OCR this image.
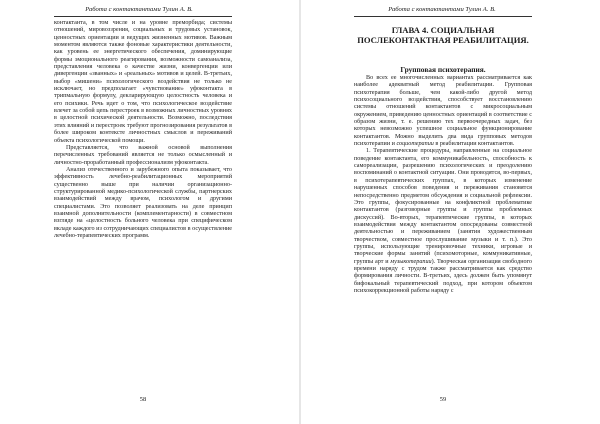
Работа с контактантами Тулин А. В.

контактанта, в том числе и на уровне преморбида; системы отношений, мировоззрения, социальных и трудовых установок, ценностных ориентации и ведущих жизненных мотивов. Важным моментом являются также фоновые характеристики деятельности, как уровень ее энергетического обеспечения, доминирующие формы эмоционального реагирования, возможности самоанализа, представления человека о качестве жизни, конвергенции или дивергенции «званных» и «реальных» мотивов и целей. В-третьих, выбор «мишени» психологического воздействия не только не исключает, но предполагает «чувствование» уфоконтакта в трипмальную формулу, декларирующую целостность человека и его психики. Речь идет о том, что психологическое воздействие влечет за собой цепь перестроек в возможных личностных уровнях в целостной психической деятельности. Возможно, последствия этих влияний и перестроек требуют прогнозирования результатов в более широком контексте личностных смыслов и переживаний объекта психологической помощи.

Представляется, что важной основой выполнения перечисленных требований является не только осмысленный и личностно-проработанный профессионализм уфоконтакта.

Анализ отечественного и зарубежного опыта показывает, что эффективность лечебно-реабилитационных мероприятий существенно выше при наличии организационно-структурированной медико-психологической службы, партнерских взаимодействий между врачом, психологом и другими специалистами. Это позволяет реализовать на деле принцип взаимной дополнительности (комплементарности) в совместном взгляде на «целостность больного человека при специфическом вкладе каждого из сотрудничающих специалистов в осуществление лечебно-терапевтических программ.

58
Работа с контактантами Тулин А. В.
ГЛАВА 4. СОЦИАЛЬНАЯ
ПОСЛЕКОНТАКТНАЯ РЕАБИЛИТАЦИЯ.
Групповая психотерапия.

Во всех ее многочисленных вариантах рассматривается как наиболее адекватный метод реабилитации. Групповая психотерапия больше, чем какой-либо другой метод психосоциального воздействия, способствует восстановлению системы отношений контактантов с микросоциальным окружением, приведению ценностных ориентаций в соответствие с образом жизни, т. е. решению тех первоочередных задач, без которых невозможно успешное социальное функционирование контактантов. Можно выделить два вида групповых методов психотерапии и социотерапии в реабилитации контактантов.

1. Терапевтические процедуры, направленные на социальное поведение контактанта, его коммуникабельность, способность к самореализации, разрешению психологических и преодолению воспоминаний о контактной ситуации. Они проводятся, во-первых, в психотерапевтических группах, в которых изменение нарушенных способов поведения и переживания становятся непосредственно предметом обсуждения и социальной рефлексии. Это группы, фокусированные на конфликтной проблематике контактантов (разговорные группы и группы проблемных дискуссий). Во-вторых, терапевтические группы, в которых взаимодействия между контактантом опосредованы совместной деятельностью и переживанием (занятия художественным творчеством, совместное прослушивание музыки и т. п.). Это группы, использующие тренировочные техники, игровые и творческие формы занятий (психомоторные, коммуникативные, группы арт и музыкотерапии). Творческая организация свободного времени наряду с трудом также рассматривается как средство формирования личности. В-третьих, здесь должен быть упомянут бифокальный терапевтический подход, при котором объектом психокоррекционной работы наряду с

59
